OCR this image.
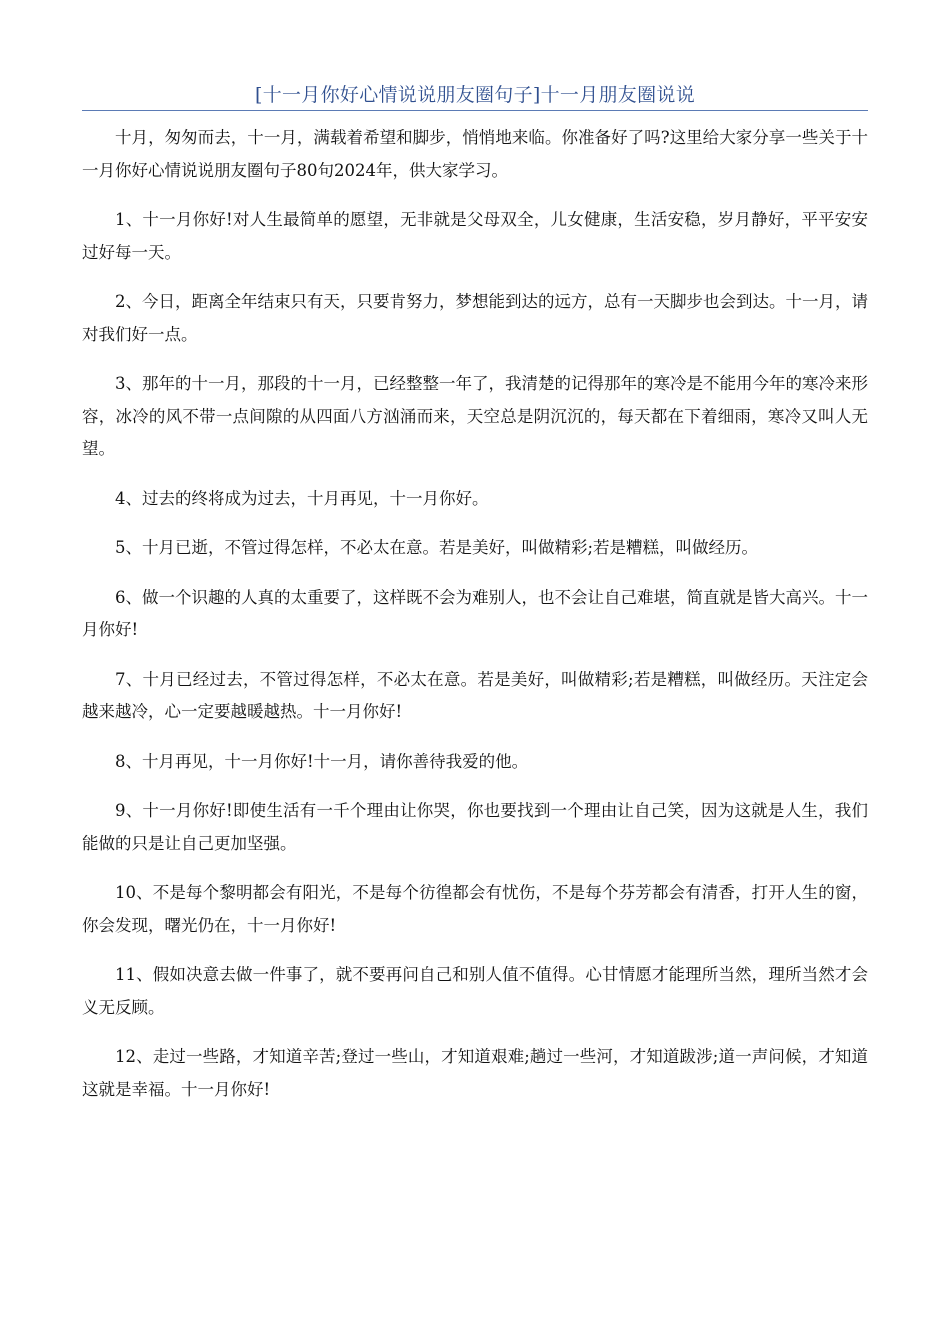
[十一月你好心情说说朋友圈句子]十一月朋友圈说说

十月，匆匆而去，十一月，满载着希望和脚步，悄悄地来临。你准备好了吗?这里给大家分享一些关于十一月你好心情说说朋友圈句子80句2024年，供大家学习。

1、十一月你好!对人生最简单的愿望，无非就是父母双全，儿女健康，生活安稳，岁月静好，平平安安过好每一天。

2、今日，距离全年结束只有天，只要肯努力，梦想能到达的远方，总有一天脚步也会到达。十一月，请对我们好一点。

3、那年的十一月，那段的十一月，已经整整一年了，我清楚的记得那年的寒冷是不能用今年的寒冷来形容，冰冷的风不带一点间隙的从四面八方汹涌而来，天空总是阴沉沉的，每天都在下着细雨，寒冷又叫人无望。

4、过去的终将成为过去，十月再见，十一月你好。

5、十月已逝，不管过得怎样，不必太在意。若是美好，叫做精彩;若是糟糕，叫做经历。

6、做一个识趣的人真的太重要了，这样既不会为难别人，也不会让自己难堪，简直就是皆大高兴。十一月你好!

7、十月已经过去，不管过得怎样，不必太在意。若是美好，叫做精彩;若是糟糕，叫做经历。天注定会越来越冷，心一定要越暖越热。十一月你好!

8、十月再见，十一月你好!十一月，请你善待我爱的他。

9、十一月你好!即使生活有一千个理由让你哭，你也要找到一个理由让自己笑，因为这就是人生，我们能做的只是让自己更加坚强。

10、不是每个黎明都会有阳光，不是每个彷徨都会有忧伤，不是每个芬芳都会有清香，打开人生的窗，你会发现，曙光仍在，十一月你好!

11、假如决意去做一件事了，就不要再问自己和别人值不值得。心甘情愿才能理所当然，理所当然才会义无反顾。

12、走过一些路，才知道辛苦;登过一些山，才知道艰难;趟过一些河，才知道跋涉;道一声问候，才知道这就是幸福。十一月你好!
